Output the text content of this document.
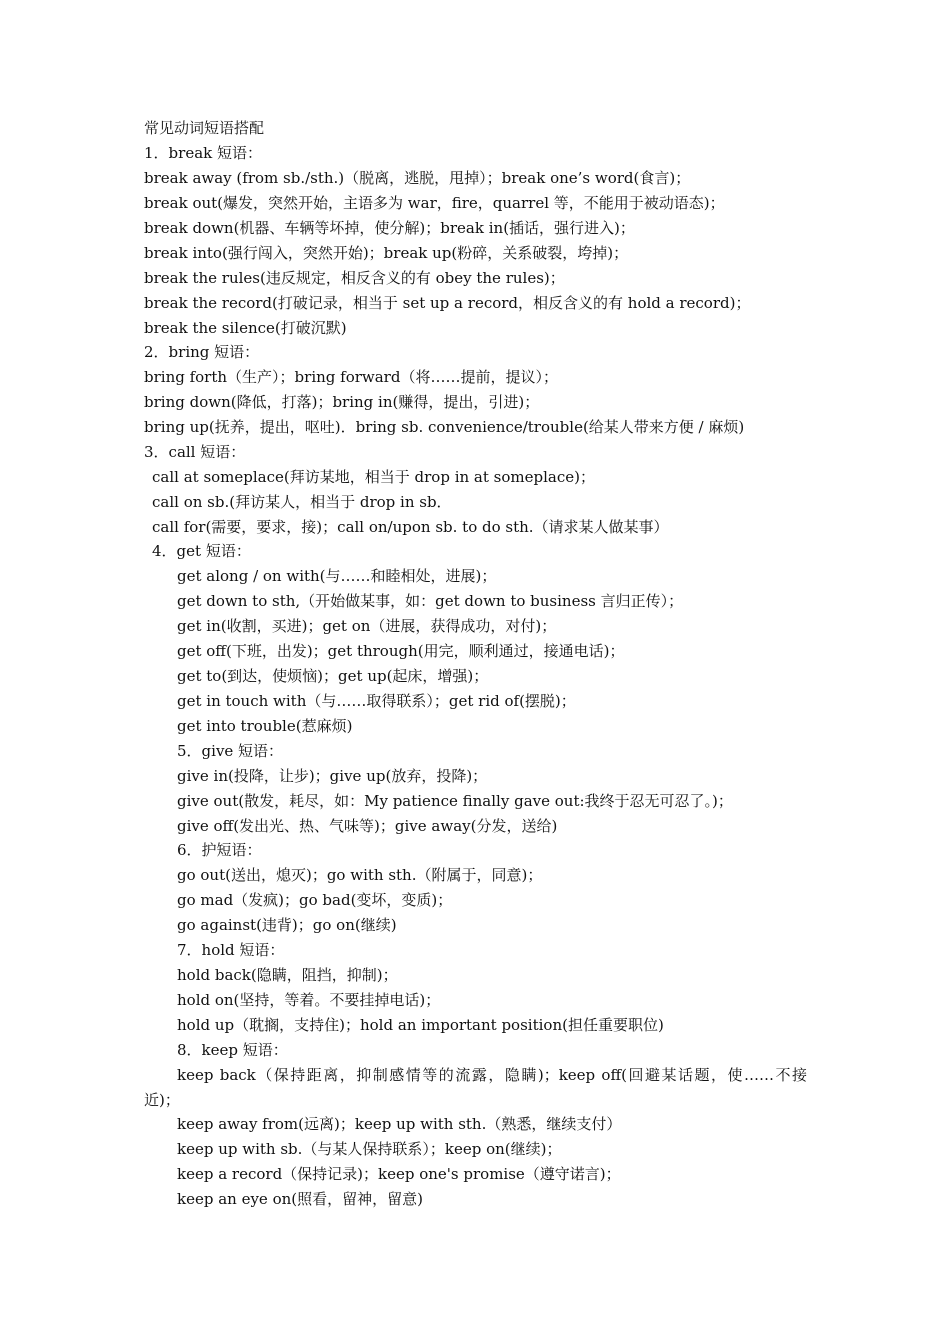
常见动词短语搭配
1．break 短语：
break away (from sb./sth.)（脱离，逃脱，甩掉）；break one’s word(食言)；
break out(爆发，突然开始，主语多为 war，fire，quarrel 等，不能用于被动语态)；
break down(机器、车辆等坏掉，使分解)；break in(插话，强行进入)；
break into(强行闯入，突然开始)；break up(粉碎，关系破裂，垮掉)；
break the rules(违反规定，相反含义的有 obey the rules)；
break the record(打破记录，相当于 set up a record，相反含义的有 hold a record)；
break the silence(打破沉默)
2．bring 短语：
bring forth（生产）；bring forward（将……提前，提议）；
bring down(降低，打落)；bring in(赚得，提出，引进)；
bring up(抚养，提出，呕吐)．bring sb. convenience/trouble(给某人带来方便 / 麻烦)
3．call 短语：
call at someplace(拜访某地，相当于 drop in at someplace)；
call on sb.(拜访某人，相当于 drop in sb．
call for(需要，要求，接)；call on/upon sb. to do sth.（请求某人做某事）
4．get 短语：
get along / on with(与……和睦相处，进展)；
get down to sth,（开始做某事，如：get down to business 言归正传）；
get in(收割，买进)；get on（进展，获得成功，对付)；
get off(下班，出发)；get through(用完，顺利通过，接通电话)；
get to(到达，使烦恼)；get up(起床，增强)；
get in touch with（与……取得联系）；get rid of(摆脱)；
get into trouble(惹麻烦)
5．give 短语：
give in(投降，让步)；give up(放弃，投降)；
give out(散发，耗尽，如：My patience finally gave out:我终于忍无可忍了。)；
give off(发出光、热、气味等)；give away(分发，送给)
6．护短语：
go out(送出，熄灭)；go with sth.（附属于，同意)；
go mad（发疯)；go bad(变坏，变质)；
go against(违背)；go on(继续)
7．hold 短语：
hold back(隐瞒，阻挡，抑制)；
hold on(坚持，等着。不要挂掉电话)；
hold up（耽搁，支持住)；hold an important position(担任重要职位)
8．keep 短语：
keep back（保持距离，抑制感情等的流露，隐瞒)；keep off(回避某话题，使……不接
近)；
keep away from(远离)；keep up with sth.（熟悉，继续支付）
keep up with sb.（与某人保持联系）；keep on(继续)；
keep a record（保持记录)；keep one's promise（遵守诺言)；
keep an eye on(照看，留神，留意)
